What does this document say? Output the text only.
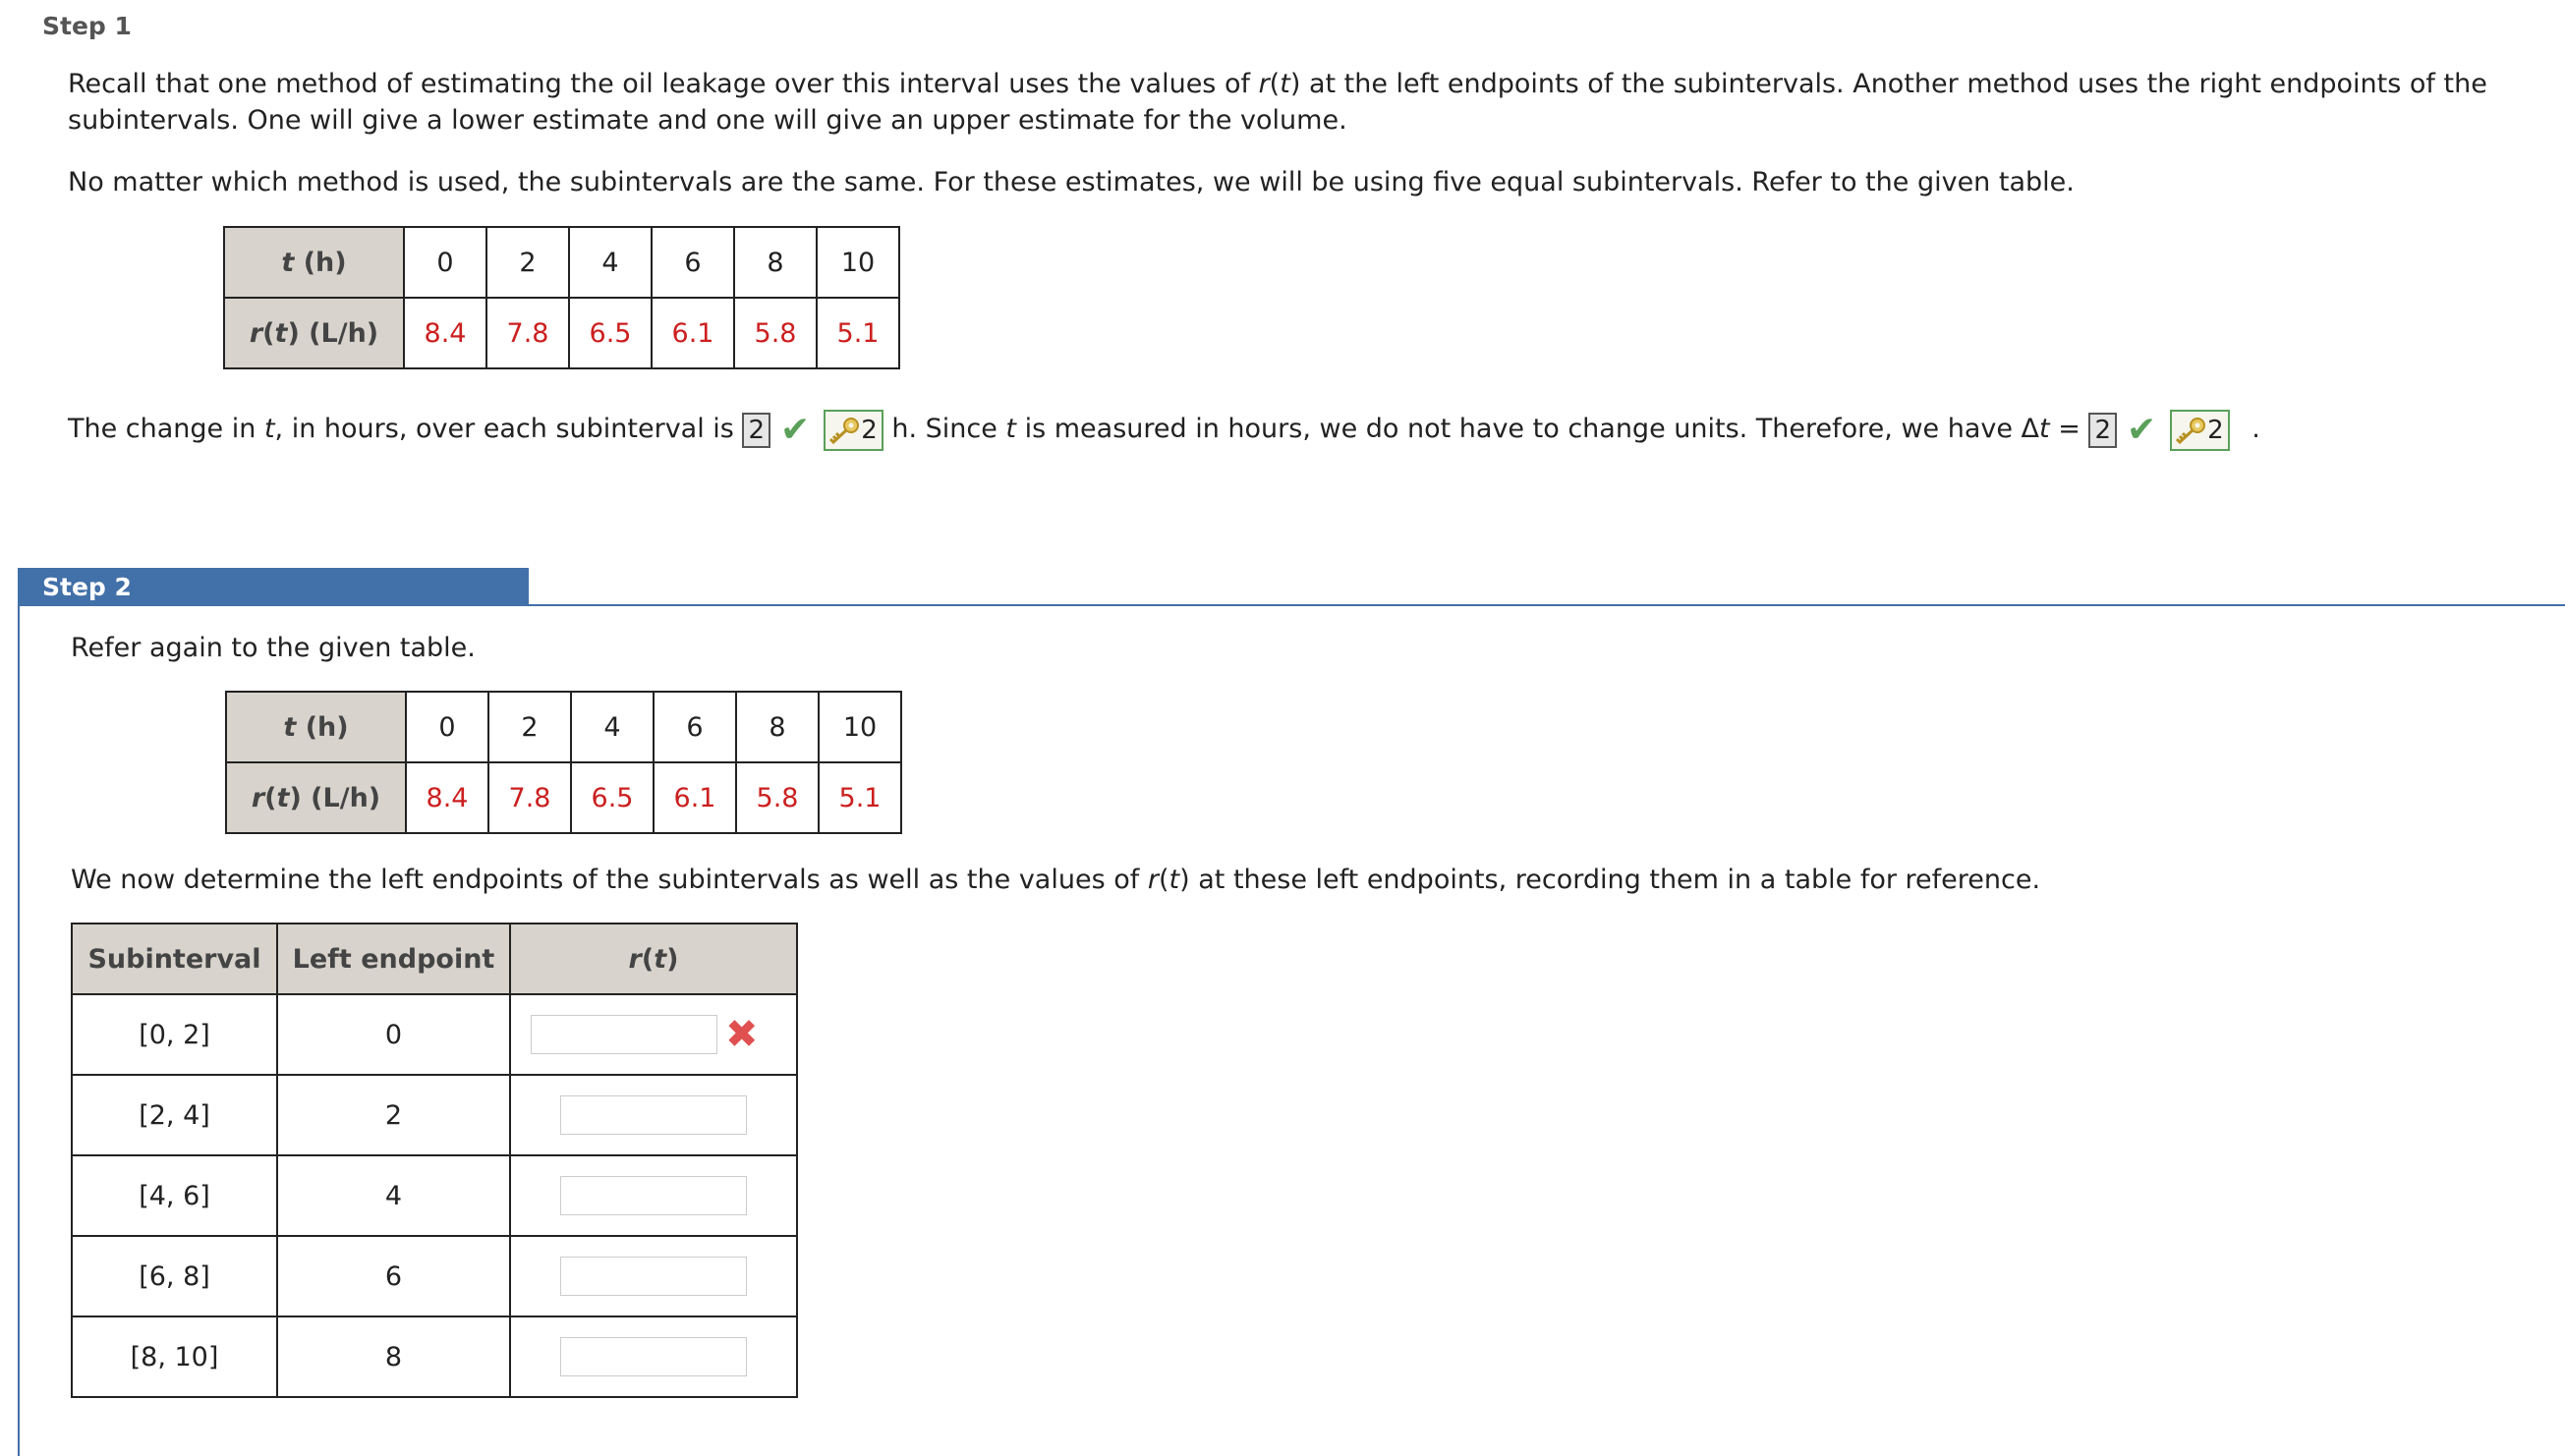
Step 1
Recall that one method of estimating the oil leakage over this interval uses the values of r(t) at the left endpoints of the subintervals. Another method uses the right endpoints of the
subintervals. One will give a lower estimate and one will give an upper estimate for the volume.
No matter which method is used, the subintervals are the same. For these estimates, we will be using five equal subintervals. Refer to the given table.
t (h)	0	2	4	6	8	10
r(t) (L/h)	8.4	7.8	6.5	6.1	5.8	5.1
The change in t, in hours, over each subinterval is 2 ✔ 2 h. Since t is measured in hours, we do not have to change units. Therefore, we have Δt = 2 ✔ 2 .
Step 2
Refer again to the given table.
t (h)	0	2	4	6	8	10
r(t) (L/h)	8.4	7.8	6.5	6.1	5.8	5.1
We now determine the left endpoints of the subintervals as well as the values of r(t) at these left endpoints, recording them in a table for reference.
Subinterval	Left endpoint	r(t)
[0, 2]	0	✖
[2, 4]	2	
[4, 6]	4	
[6, 8]	6	
[8, 10]	8	
